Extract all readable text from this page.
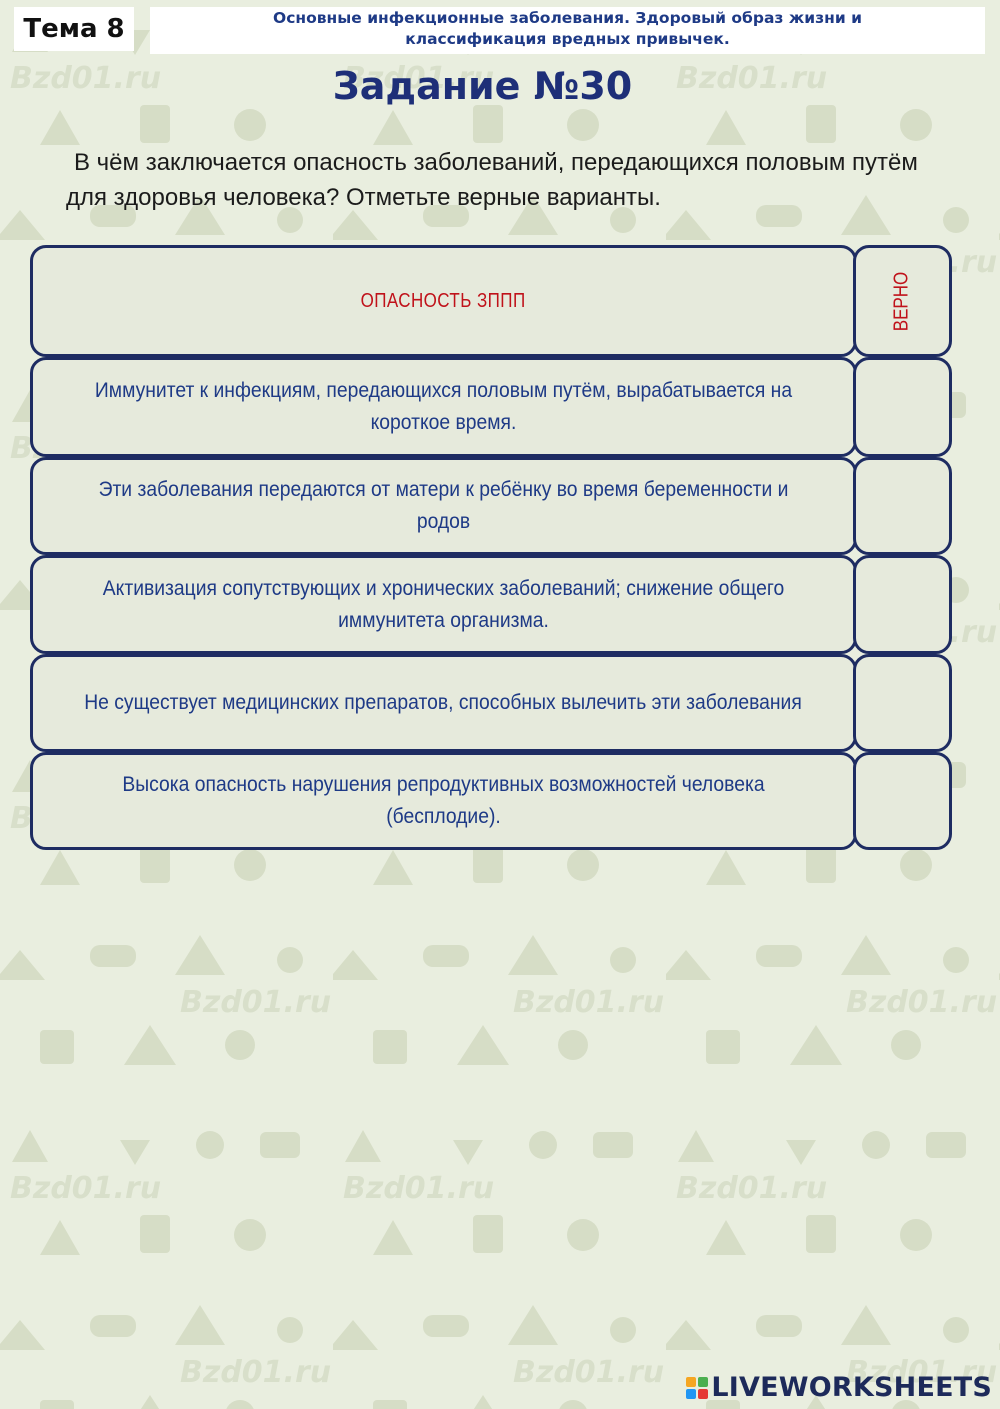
Тема 8	Основные инфекционные заболевания. Здоровый образ жизни и
классификация вредных привычек.
Задание №30
В чём заключается опасность заболеваний, передающихся половым путём для здоровья человека? Отметьте верные варианты.
ОПАСНОСТЬ ЗППП	ВЕРНО
Иммунитет к инфекциям, передающихся половым путём, вырабатывается на короткое время.
Эти заболевания передаются от матери к ребёнку во время беременности и родов
Активизация сопутствующих и хронических заболеваний; снижение общего иммунитета организма.
Не существует медицинских препаратов, способных вылечить эти заболевания
Высока опасность нарушения репродуктивных возможностей человека (бесплодие).
LIVEWORKSHEETS
